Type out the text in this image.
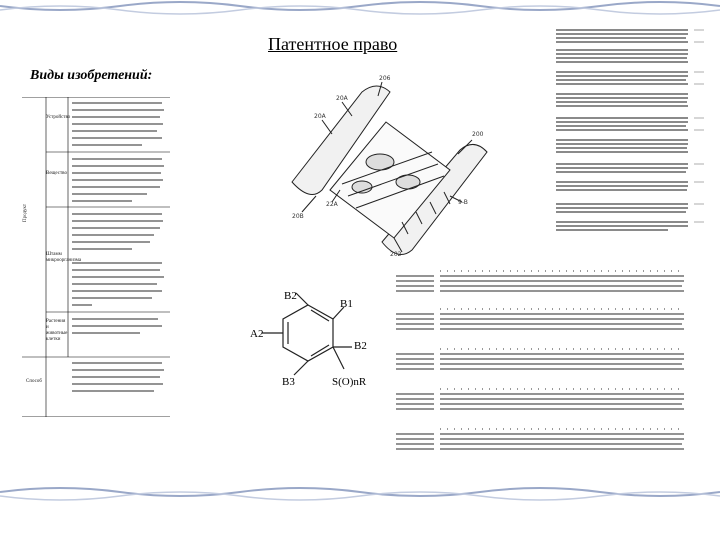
Патентное право
Виды изобретений:
Устройство
Вещество
Продукт
Штамм микроорганизма
Растения и животные клетки
Способ
206
20A
20A
200
9-B
202
20B
22A
B2
B1
A2
B2
B3	S(O)nR
